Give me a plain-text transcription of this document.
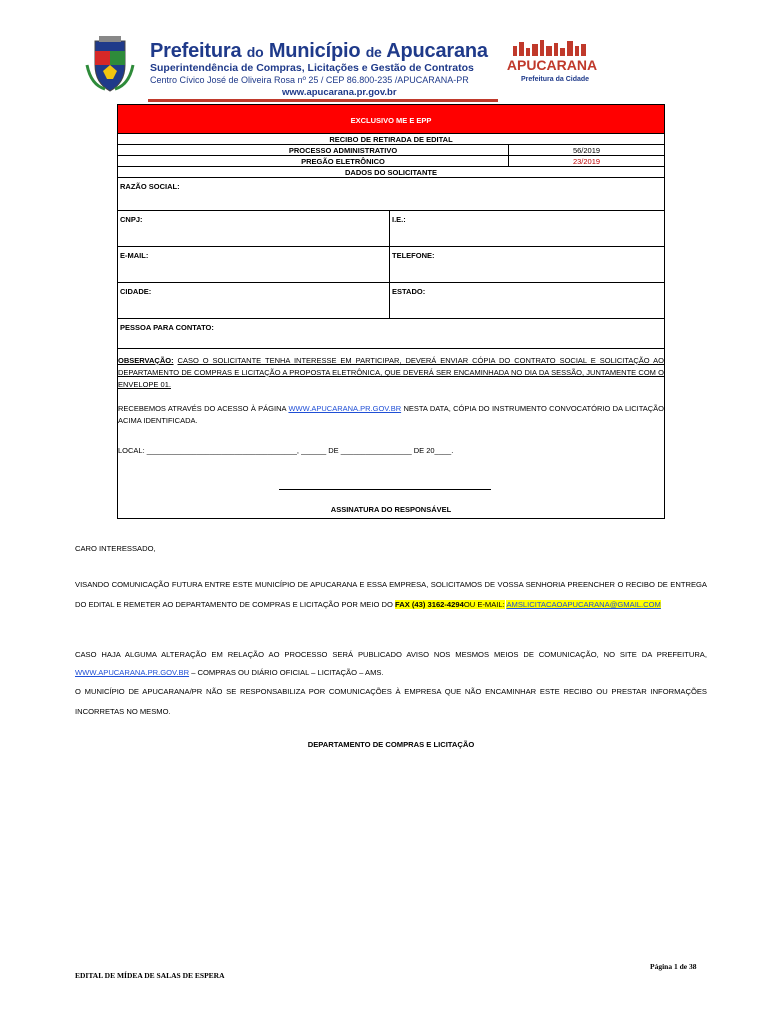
Prefeitura do Município de Apucarana
Superintendência de Compras, Licitações e Gestão de Contratos
Centro Cívico José de Oliveira Rosa nº 25 / CEP 86.800-235 /APUCARANA-PR
www.apucarana.pr.gov.br
APUCARANA
Prefeitura da Cidade
EXCLUSIVO ME E EPP
RECIBO DE RETIRADA DE EDITAL
PROCESSO ADMINISTRATIVO	56/2019
PREGÃO ELETRÔNICO	23/2019
DADOS DO SOLICITANTE
RAZÃO SOCIAL:
CNPJ:	I.E.:
E-MAIL:	TELEFONE:
CIDADE:	ESTADO:
PESSOA PARA CONTATO:
OBSERVAÇÃO: CASO O SOLICITANTE TENHA INTERESSE EM PARTICIPAR, DEVERÁ ENVIAR CÓPIA DO CONTRATO SOCIAL E SOLICITAÇÃO AO DEPARTAMENTO DE COMPRAS E LICITAÇÃO A PROPOSTA ELETRÔNICA, QUE DEVERÁ SER ENCAMINHADA NO DIA DA SESSÃO, JUNTAMENTE COM O ENVELOPE 01.
RECEBEMOS ATRAVÉS DO ACESSO À PÁGINA WWW.APUCARANA.PR.GOV.BR NESTA DATA, CÓPIA DO INSTRUMENTO CONVOCATÓRIO DA LICITAÇÃO ACIMA IDENTIFICADA.
LOCAL: ____________________________________, ______ DE _________________ DE 20____.
ASSINATURA DO RESPONSÁVEL
CARO INTERESSADO,
VISANDO COMUNICAÇÃO FUTURA ENTRE ESTE MUNICÍPIO DE APUCARANA E ESSA EMPRESA, SOLICITAMOS DE VOSSA SENHORIA PREENCHER O RECIBO DE ENTREGA DO EDITAL E REMETER AO DEPARTAMENTO DE COMPRAS E LICITAÇÃO POR MEIO DO FAX (43) 3162-4294OU E-MAIL: AMSLICITACAOAPUCARANA@GMAIL.COM
CASO HAJA ALGUMA ALTERAÇÃO EM RELAÇÃO AO PROCESSO SERÁ PUBLICADO AVISO NOS MESMOS MEIOS DE COMUNICAÇÃO, NO SITE DA PREFEITURA, WWW.APUCARANA.PR.GOV.BR – COMPRAS OU DIÁRIO OFICIAL – LICITAÇÃO – AMS.
O MUNICÍPIO DE APUCARANA/PR NÃO SE RESPONSABILIZA POR COMUNICAÇÕES À EMPRESA QUE NÃO ENCAMINHAR ESTE RECIBO OU PRESTAR INFORMAÇÕES INCORRETAS NO MESMO.
DEPARTAMENTO DE COMPRAS E LICITAÇÃO
Página 1 de 38
EDITAL DE MÍDEA DE SALAS DE ESPERA
